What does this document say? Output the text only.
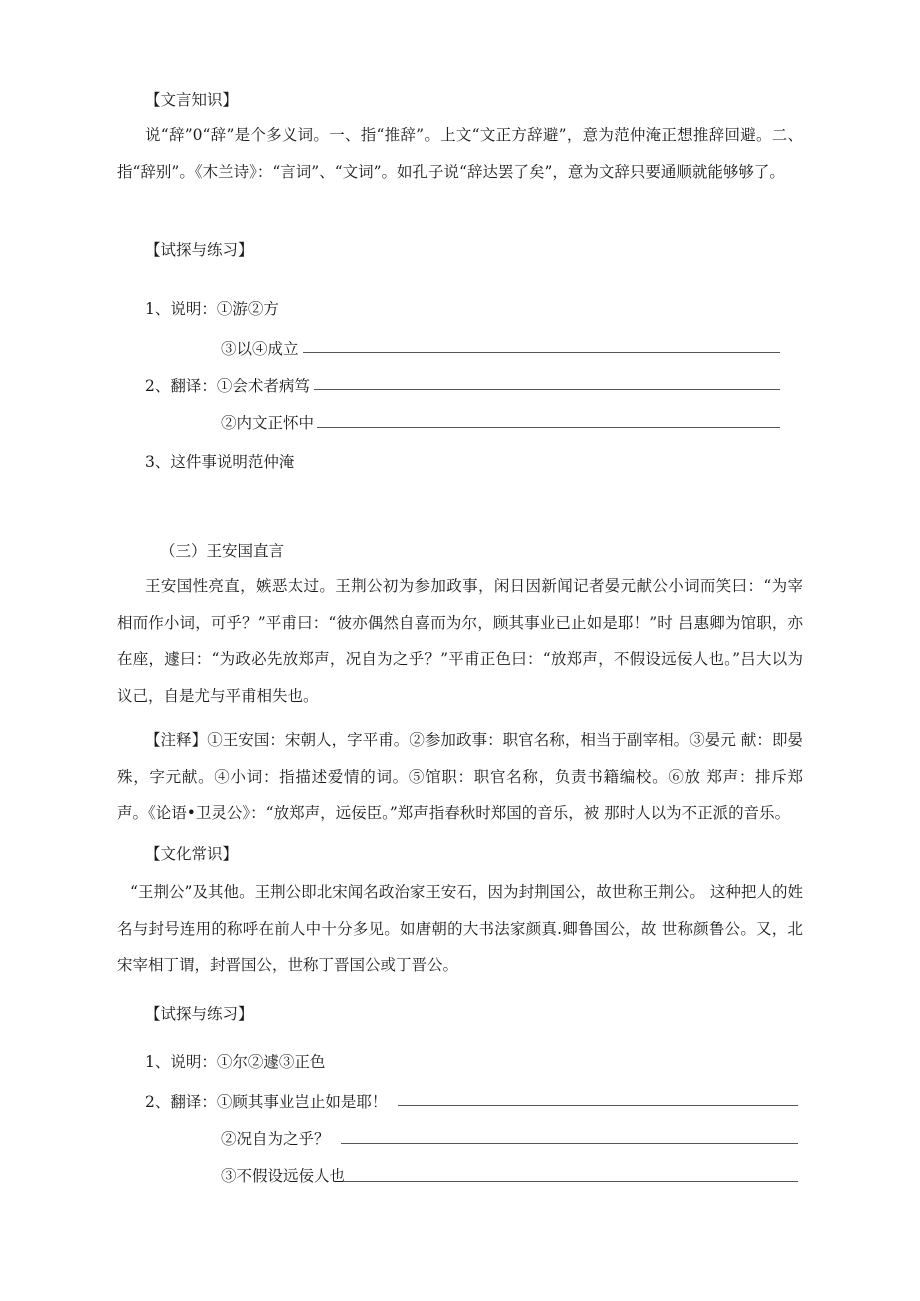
【文言知识】
说“辞”0“辞”是个多义词。一、指“推辞”。上文“文正方辞避”，意为范仲淹正想推辞回避。二、指“辞别”。《木兰诗》：“言词”、“文词”。如孔子说“辞达罢了矣”，意为文辞只要通顺就能够够了。
【试探与练习】
1、说明：①游②方
③以④成立
2、翻译：①会术者病笃
②内文正怀中
3、这件事说明范仲淹
（三）王安国直言
王安国性亮直，嫉恶太过。王荆公初为参加政事，闲日因新闻记者晏元献公小词而笑曰：“为宰相而作小词，可乎？”平甫曰：“彼亦偶然自喜而为尔，顾其事业已止如是耶！”时 吕惠卿为馆职，亦在座，遽曰：“为政必先放郑声，况自为之乎？”平甫正色曰：“放郑声，不假设远佞人也。”吕大以为议己，自是尤与平甫相失也。
【注释】①王安国：宋朝人，字平甫。②参加政事：职官名称，相当于副宰相。③晏元 献：即晏殊，字元献。④小词：指描述爱情的词。⑤馆职：职官名称，负责书籍编校。⑥放 郑声：排斥郑声。《论语•卫灵公》：“放郑声，远佞臣。”郑声指春秋时郑国的音乐，被 那时人以为不正派的音乐。
【文化常识】
“王荆公”及其他。王荆公即北宋闻名政治家王安石，因为封荆国公，故世称王荆公。 这种把人的姓名与封号连用的称呼在前人中十分多见。如唐朝的大书法家颜真.卿鲁国公，故 世称颜鲁公。又，北宋宰相丁谓，封晋国公，世称丁晋国公或丁晋公。
【试探与练习】
1、说明：①尔②遽③正色
2、翻译：①顾其事业岂止如是耶！
②况自为之乎？
③不假设远佞人也
